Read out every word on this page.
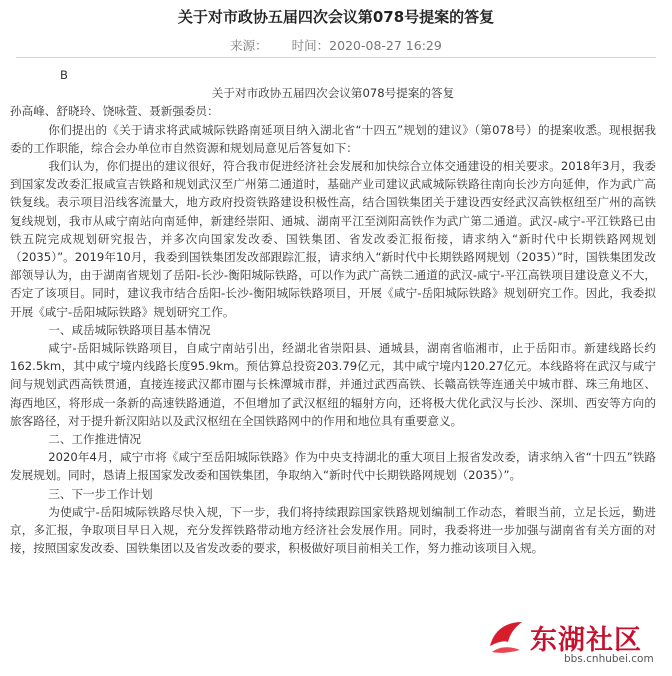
关于对市政协五届四次会议第078号提案的答复
来源： 时间：2020-08-27 16:29

B

关于对市政协五届四次会议第078号提案的答复

孙高峰、舒晓玲、饶咏萱、聂新强委员：

你们提出的《关于请求将武咸城际铁路南延项目纳入湖北省“十四五”规划的建议》（第078号）的提案收悉。现根据我委的工作职能，综合会办单位市自然资源和规划局意见后答复如下：

我们认为，你们提出的建议很好，符合我市促进经济社会发展和加快综合立体交通建设的相关要求。2018年3月，我委到国家发改委汇报咸宣吉铁路和规划武汉至广州第二通道时，基础产业司建议武咸城际铁路往南向长沙方向延伸，作为武广高铁复线。表示项目沿线客流量大，地方政府投资铁路建设积极性高，结合国铁集团关于建设西安经武汉高铁枢纽至广州的高铁复线规划，我市从咸宁南站向南延伸，新建经崇阳、通城、湖南平江至浏阳高铁作为武广第二通道。武汉-咸宁-平江铁路已由铁五院完成规划研究报告，并多次向国家发改委、国铁集团、省发改委汇报衔接，请求纳入“新时代中长期铁路网规划（2035）”。2019年10月，我委到国铁集团发改部跟踪汇报，请求纳入“新时代中长期铁路网规划（2035）”时，国铁集团发改部领导认为，由于湖南省规划了岳阳-长沙-衡阳城际铁路，可以作为武广高铁二通道的武汉-咸宁-平江高铁项目建设意义不大，否定了该项目。同时，建议我市结合岳阳-长沙-衡阳城际铁路项目，开展《咸宁-岳阳城际铁路》规划研究工作。因此，我委拟开展《咸宁-岳阳城际铁路》规划研究工作。

一、咸岳城际铁路项目基本情况

咸宁-岳阳城际铁路项目，自咸宁南站引出，经湖北省崇阳县、通城县，湖南省临湘市，止于岳阳市。新建线路长约162.5km，其中咸宁境内线路长度95.9km。预估算总投资203.79亿元，其中咸宁境内120.27亿元。本线路将在武汉与咸宁间与规划武西高铁贯通，直接连接武汉都市圈与长株潭城市群，并通过武西高铁、长赣高铁等连通关中城市群、珠三角地区、海西地区，将形成一条新的高速铁路通道，不但增加了武汉枢纽的辐射方向，还将极大优化武汉与长沙、深圳、西安等方向的旅客路径，对于提升新汉阳站以及武汉枢纽在全国铁路网中的作用和地位具有重要意义。

二、工作推进情况

2020年4月，咸宁市将《咸宁至岳阳城际铁路》作为中央支持湖北的重大项目上报省发改委，请求纳入省“十四五”铁路发展规划。同时，恳请上报国家发改委和国铁集团，争取纳入“新时代中长期铁路网规划（2035）”。

三、下一步工作计划

为使咸宁-岳阳城际铁路尽快入规，下一步，我们将持续跟踪国家铁路规划编制工作动态，着眼当前，立足长远，勤进京，多汇报，争取项目早日入规，充分发挥铁路带动地方经济社会发展作用。同时，我委将进一步加强与湖南省有关方面的对接，按照国家发改委、国铁集团以及省发改委的要求，积极做好项目前相关工作，努力推动该项目入规。

东湖社区
bbs.cnhubei.com
